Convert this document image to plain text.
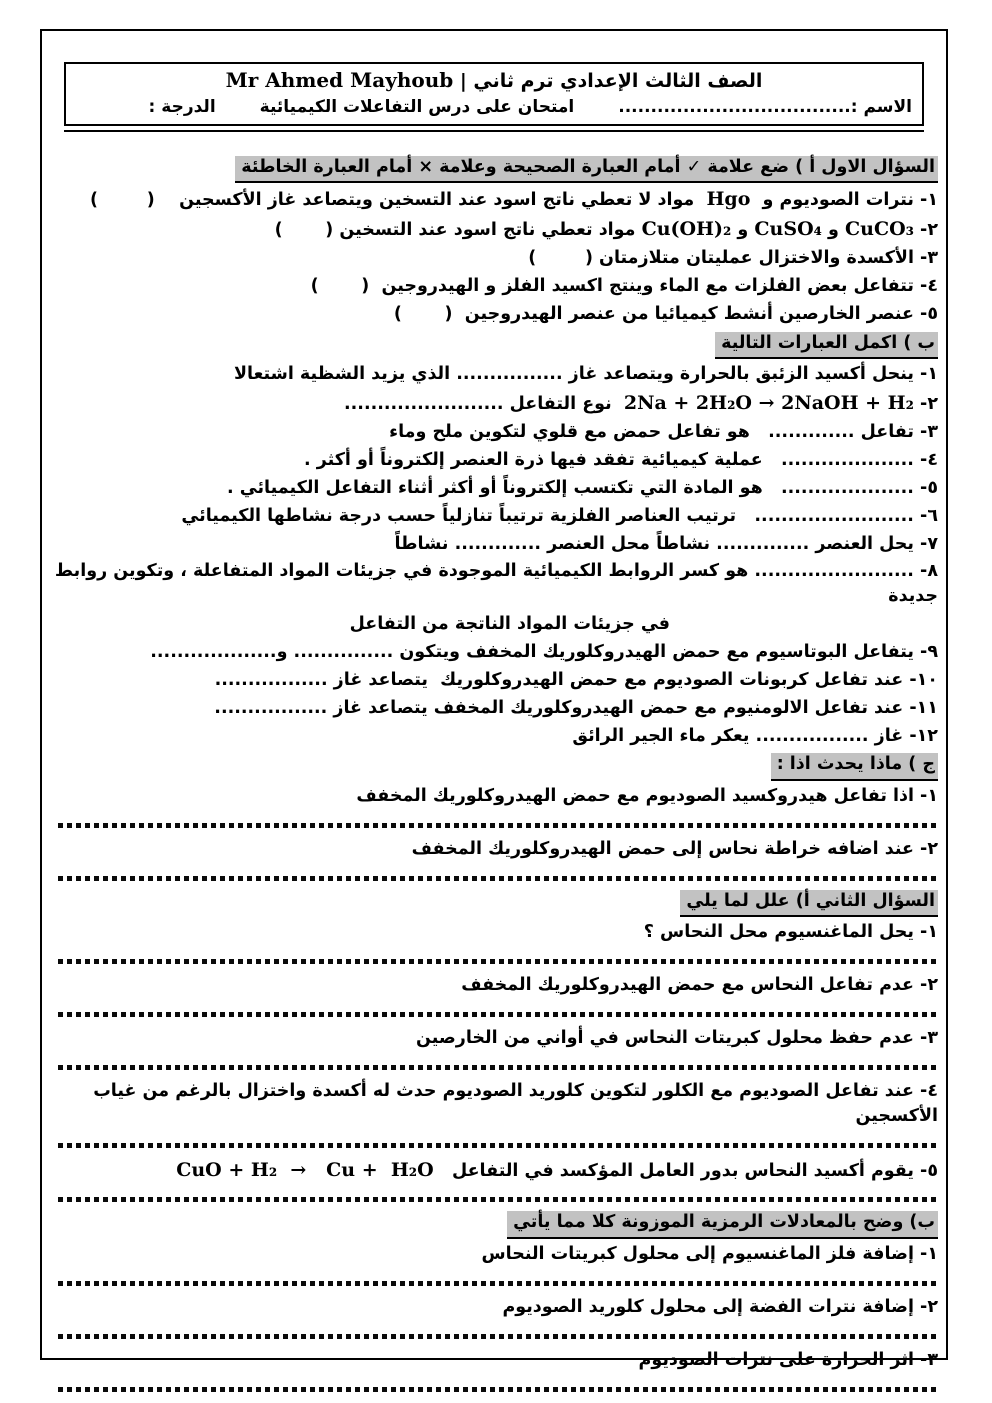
الصف الثالث الإعدادي ترم ثاني | Mr Ahmed Mayhoub
الاسم :....................................
امتحان على درس التفاعلات الكيميائية
الدرجة :
السؤال الاول أ ) ضع علامة ✓ أمام العبارة الصحيحة وعلامة × أمام العبارة الخاطئة
١- نترات الصوديوم و  Hgo  مواد لا تعطي ناتج اسود عند التسخين ويتصاعد غاز الأكسجين    (        )
٢- CuCO₃ و CuSO₄ و Cu(OH)₂ مواد تعطي ناتج اسود عند التسخين (       )
٣- الأكسدة والاختزال عمليتان متلازمتان (        )
٤- تتفاعل بعض الفلزات مع الماء وينتج اكسيد الفلز و الهيدروجين  (       )
٥- عنصر الخارصين أنشط كيميائيا من عنصر الهيدروجين  (       )
ب ) اكمل العبارات التالية
١- ينحل أكسيد الزئبق بالحرارة ويتصاعد غاز ................ الذي يزيد الشظية اشتعالا
٢- 2Na + 2H₂O → 2NaOH + H₂  نوع التفاعل ........................
٣- تفاعل .............   هو تفاعل حمض مع قلوي لتكوين ملح وماء
٤- ....................   عملية كيميائية تفقد فيها ذرة العنصر إلكتروناً أو أكثر .
٥- ....................   هو المادة التي تكتسب إلكتروناً أو أكثر أثناء التفاعل الكيميائي .
٦- ........................   ترتيب العناصر الفلزية ترتيباً تنازلياً حسب درجة نشاطها الكيميائي
٧- يحل العنصر .............. نشاطاً محل العنصر ............. نشاطاً
٨- ........................ هو كسر الروابط الكيميائية الموجودة في جزيئات المواد المتفاعلة ، وتكوين روابط جديدة
في جزيئات المواد الناتجة من التفاعل
٩- يتفاعل البوتاسيوم مع حمض الهيدروكلوريك المخفف ويتكون ............... و...................
١٠- عند تفاعل كربونات الصوديوم مع حمض الهيدروكلوريك  يتصاعد غاز .................
١١- عند تفاعل الالومنيوم مع حمض الهيدروكلوريك المخفف يتصاعد غاز .................
١٢- غاز ................. يعكر ماء الجير الرائق
ج ) ماذا يحدث اذا :
١- اذا تفاعل هيدروكسيد الصوديوم مع حمض الهيدروكلوريك المخفف
٢- عند اضافه خراطة نحاس إلى حمض الهيدروكلوريك المخفف
السؤال الثاني أ) علل لما يلي
١- يحل الماغنسيوم محل النحاس ؟
٢- عدم تفاعل النحاس مع حمض الهيدروكلوريك المخفف
٣- عدم حفظ محلول كبريتات النحاس في أواني من الخارصين
٤- عند تفاعل الصوديوم مع الكلور لتكوين كلوريد الصوديوم حدث له أكسدة واختزال بالرغم من غياب الأكسجين
٥- يقوم أكسيد النحاس بدور العامل المؤكسد في التفاعل   CuO + H₂  →   Cu +  H₂O
ب) وضح بالمعادلات الرمزية الموزونة كلا مما يأتي
١- إضافة فلز الماغنسيوم إلى محلول كبريتات النحاس
٢- إضافة نترات الفضة إلى محلول كلوريد الصوديوم
٣- اثر الحرارة على نترات الصوديوم
